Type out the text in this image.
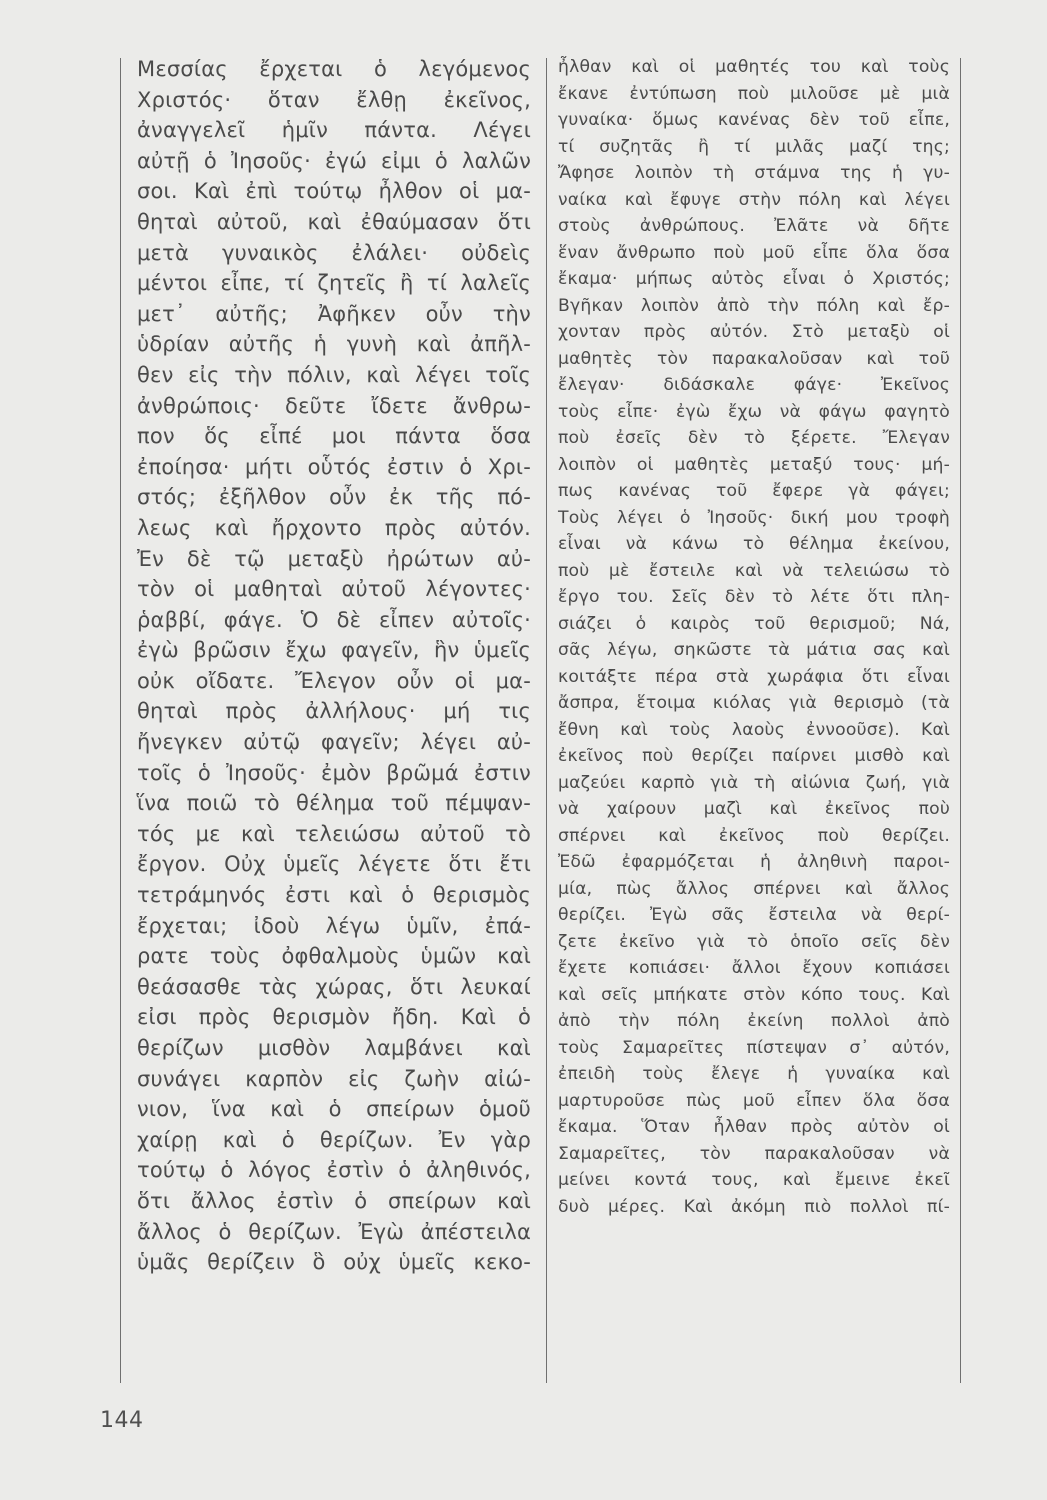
Μεσσίας ἔρχεται ὁ λεγόμενος
Χριστός· ὅταν ἔλθῃ ἐκεῖνος,
ἀναγγελεῖ ἡμῖν πάντα. Λέγει
αὐτῇ ὁ Ἰησοῦς· ἐγώ εἰμι ὁ λαλῶν
σοι. Καὶ ἐπὶ τούτῳ ἦλθον οἱ μα-
θηταὶ αὐτοῦ, καὶ ἐθαύμασαν ὅτι
μετὰ γυναικὸς ἐλάλει· οὐδεὶς
μέντοι εἶπε, τί ζητεῖς ἢ τί λαλεῖς
μετ᾿ αὐτῆς; Ἀφῆκεν οὖν τὴν
ὑδρίαν αὐτῆς ἡ γυνὴ καὶ ἀπῆλ-
θεν εἰς τὴν πόλιν, καὶ λέγει τοῖς
ἀνθρώποις· δεῦτε ἴδετε ἄνθρω-
πον ὅς εἶπέ μοι πάντα ὅσα
ἐποίησα· μήτι οὗτός ἐστιν ὁ Χρι-
στός; ἐξῆλθον οὖν ἐκ τῆς πό-
λεως καὶ ἤρχοντο πρὸς αὐτόν.
Ἐν δὲ τῷ μεταξὺ ἠρώτων αὐ-
τὸν οἱ μαθηταὶ αὐτοῦ λέγοντες·
ῥαββί, φάγε. Ὁ δὲ εἶπεν αὐτοῖς·
ἐγὼ βρῶσιν ἔχω φαγεῖν, ἣν ὑμεῖς
οὐκ οἴδατε. Ἔλεγον οὖν οἱ μα-
θηταὶ πρὸς ἀλλήλους· μή τις
ἤνεγκεν αὐτῷ φαγεῖν; λέγει αὐ-
τοῖς ὁ Ἰησοῦς· ἐμὸν βρῶμά ἐστιν
ἵνα ποιῶ τὸ θέλημα τοῦ πέμψαν-
τός με καὶ τελειώσω αὐτοῦ τὸ
ἔργον. Οὐχ ὑμεῖς λέγετε ὅτι ἔτι
τετράμηνός ἐστι καὶ ὁ θερισμὸς
ἔρχεται; ἰδοὺ λέγω ὑμῖν, ἐπά-
ρατε τοὺς ὀφθαλμοὺς ὑμῶν καὶ
θεάσασθε τὰς χώρας, ὅτι λευκαί
εἰσι πρὸς θερισμὸν ἤδη. Καὶ ὁ
θερίζων μισθὸν λαμβάνει καὶ
συνάγει καρπὸν εἰς ζωὴν αἰώ-
νιον, ἵνα καὶ ὁ σπείρων ὁμοῦ
χαίρῃ καὶ ὁ θερίζων. Ἐν γὰρ
τούτῳ ὁ λόγος ἐστὶν ὁ ἀληθινός,
ὅτι ἄλλος ἐστὶν ὁ σπείρων καὶ
ἄλλος ὁ θερίζων. Ἐγὼ ἀπέστειλα
ὑμᾶς θερίζειν ὃ οὐχ ὑμεῖς κεκο-
ἦλθαν καὶ οἱ μαθητές του καὶ τοὺς
ἔκανε ἐντύπωση ποὺ μιλοῦσε μὲ μιὰ
γυναίκα· ὅμως κανένας δὲν τοῦ εἶπε,
τί συζητᾶς ἢ τί μιλᾶς μαζί της;
Ἄφησε λοιπὸν τὴ στάμνα της ἡ γυ-
ναίκα καὶ ἔφυγε στὴν πόλη καὶ λέγει
στοὺς ἀνθρώπους. Ἐλᾶτε νὰ δῆτε
ἕναν ἄνθρωπο ποὺ μοῦ εἶπε ὅλα ὅσα
ἔκαμα· μήπως αὐτὸς εἶναι ὁ Χριστός;
Βγῆκαν λοιπὸν ἀπὸ τὴν πόλη καὶ ἔρ-
χονταν πρὸς αὐτόν. Στὸ μεταξὺ οἱ
μαθητὲς τὸν παρακαλοῦσαν καὶ τοῦ
ἔλεγαν· διδάσκαλε φάγε· Ἐκεῖνος
τοὺς εἶπε· ἐγὼ ἔχω νὰ φάγω φαγητὸ
ποὺ ἐσεῖς δὲν τὸ ξέρετε. Ἔλεγαν
λοιπὸν οἱ μαθητὲς μεταξύ τους· μή-
πως κανένας τοῦ ἔφερε γὰ φάγει;
Τοὺς λέγει ὁ Ἰησοῦς· δική μου τροφὴ
εἶναι νὰ κάνω τὸ θέλημα ἐκείνου,
ποὺ μὲ ἔστειλε καὶ νὰ τελειώσω τὸ
ἔργο του. Σεῖς δὲν τὸ λέτε ὅτι πλη-
σιάζει ὁ καιρὸς τοῦ θερισμοῦ; Νά,
σᾶς λέγω, σηκῶστε τὰ μάτια σας καὶ
κοιτάξτε πέρα στὰ χωράφια ὅτι εἶναι
ἄσπρα, ἕτοιμα κιόλας γιὰ θερισμὸ (τὰ
ἔθνη καὶ τοὺς λαοὺς ἐννοοῦσε). Καὶ
ἐκεῖνος ποὺ θερίζει παίρνει μισθὸ καὶ
μαζεύει καρπὸ γιὰ τὴ αἰώνια ζωή, γιὰ
νὰ χαίρουν μαζὶ καὶ ἐκεῖνος ποὺ
σπέρνει καὶ ἐκεῖνος ποὺ θερίζει.
Ἐδῶ ἐφαρμόζεται ἡ ἀληθινὴ παροι-
μία, πὼς ἄλλος σπέρνει καὶ ἄλλος
θερίζει. Ἐγὼ σᾶς ἔστειλα νὰ θερί-
ζετε ἐκεῖνο γιὰ τὸ ὁποῖο σεῖς δὲν
ἔχετε κοπιάσει· ἄλλοι ἔχουν κοπιάσει
καὶ σεῖς μπήκατε στὸν κόπο τους. Καὶ
ἀπὸ τὴν πόλη ἐκείνη πολλοὶ ἀπὸ
τοὺς Σαμαρεῖτες πίστεψαν σ᾿ αὐτόν,
ἐπειδὴ τοὺς ἔλεγε ἡ γυναίκα καὶ
μαρτυροῦσε πὼς μοῦ εἶπεν ὅλα ὅσα
ἔκαμα. Ὅταν ἦλθαν πρὸς αὐτὸν οἱ
Σαμαρεῖτες, τὸν παρακαλοῦσαν νὰ
μείνει κοντά τους, καὶ ἔμεινε ἐκεῖ
δυὸ μέρες. Καὶ ἀκόμη πιὸ πολλοὶ πί-
144
